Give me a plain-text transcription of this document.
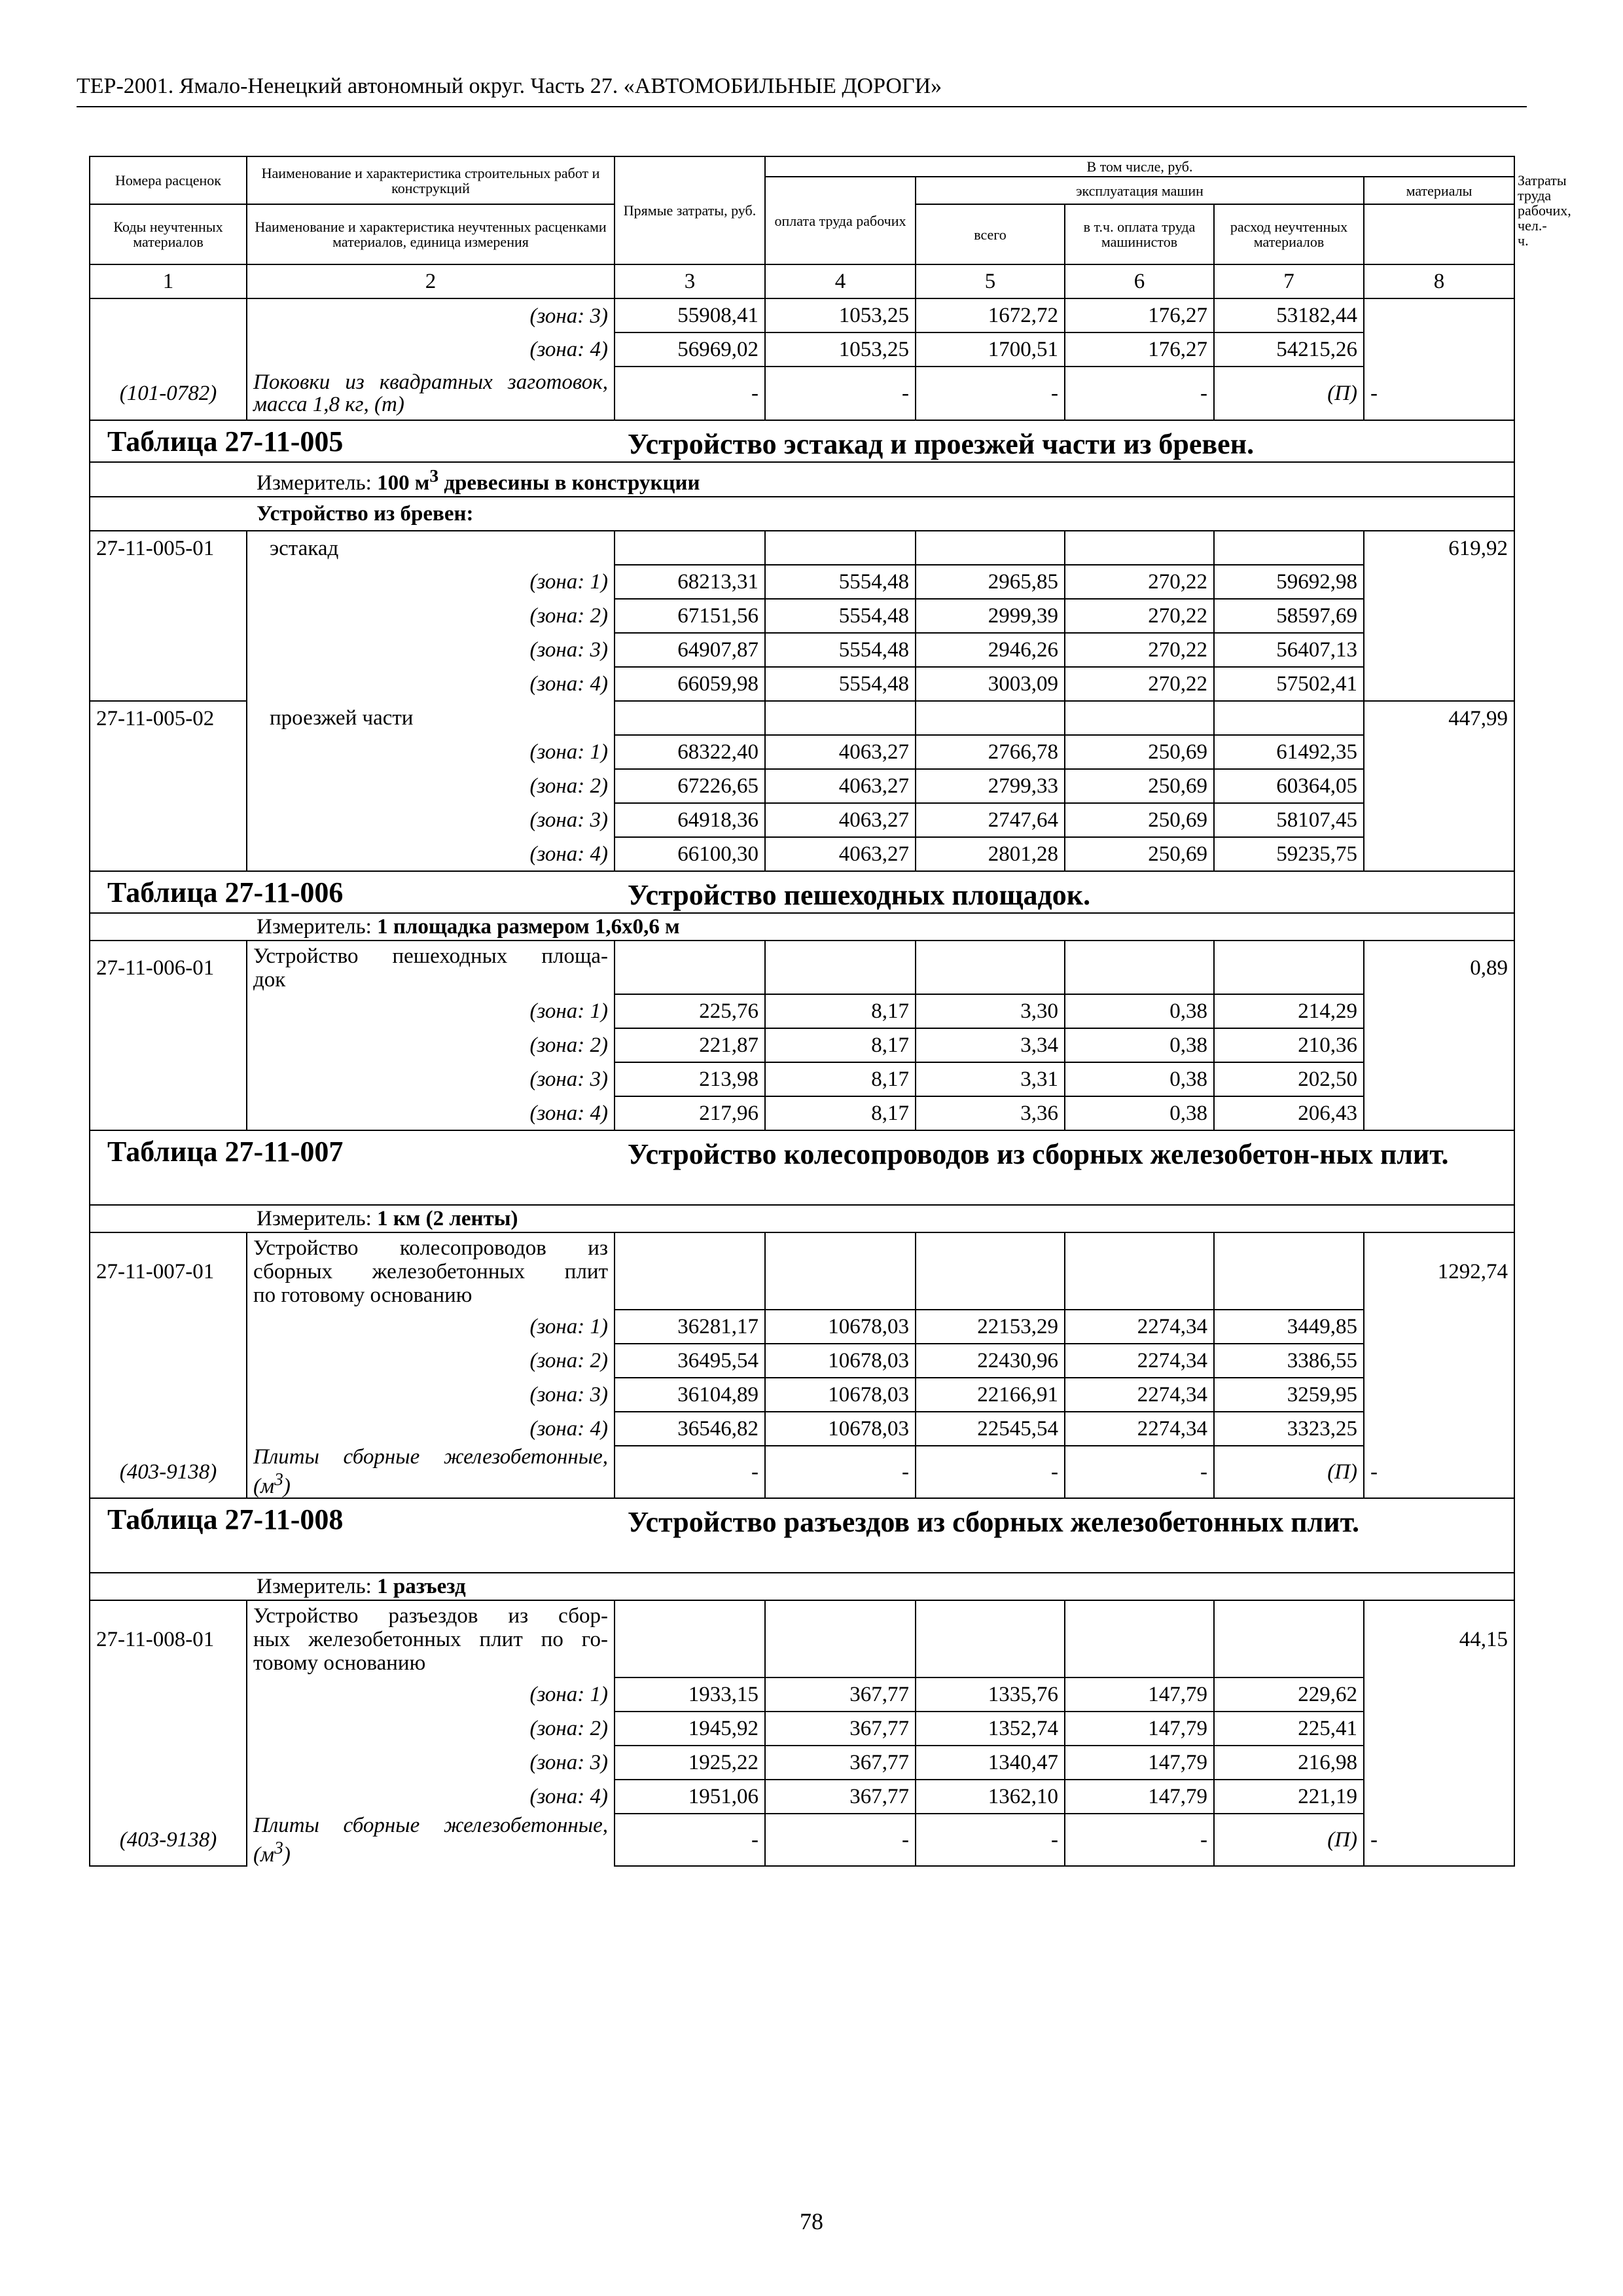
ТЕР-2001. Ямало-Ненецкий автономный округ. Часть 27. «АВТОМОБИЛЬНЫЕ ДОРОГИ»
Номера расценок	Наименование и характеристика строительных работ и конструкций	Прямые затраты, руб.	В том числе, руб.					Затраты труда рабочих, чел.-ч.
			оплата труда рабочих	эксплуатация машин			материалы	
Коды неучтенных материалов	Наименование и характеристика неучтенных расценками материалов, единица измерения			всего	в т.ч. оплата труда машинистов	расход неучтенных материалов		
1	2	3	4	5	6	7	8	
	(зона: 3)	55908,41	1053,25	1672,72	176,27	53182,44		
	(зона: 4)	56969,02	1053,25	1700,51	176,27	54215,26		
(101-0782)	Поковки из квадратных заготовок, масса 1,8 кг, (т)	-	-	-	-	(П)	-	

Таблица 27-11-005 Устройство эстакад и проезжей части из бревен.								

Измеритель: 100 $м^3$ древесины в конструкции								
Устройство из бревен:								
27-11-005-01	эстакад						619,92	
	(зона: 1)	68213,31	5554,48	2965,85	270,22	59692,98		
	(зона: 2)	67151,56	5554,48	2999,39	270,22	58597,69		
	(зона: 3)	64907,87	5554,48	2946,26	270,22	56407,13		
	(зона: 4)	66059,98	5554,48	3003,09	270,22	57502,41		
27-11-005-02	проезжей части						447,99	
	(зона: 1)	68322,40	4063,27	2766,78	250,69	61492,35		
	(зона: 2)	67226,65	4063,27	2799,33	250,69	60364,05		
	(зона: 3)	64918,36	4063,27	2747,64	250,69	58107,45		
	(зона: 4)	66100,30	4063,27	2801,28	250,69	59235,75		

Таблица 27-11-006 Устройство пешеходных площадок.								

Измеритель: 1 площадка размером 1,6х0,6 м								
27-11-006-01	Устройство пешеходных площа-
док						0,89	
	(зона: 1)	225,76	8,17	3,30	0,38	214,29		
	(зона: 2)	221,87	8,17	3,34	0,38	210,36		
	(зона: 3)	213,98	8,17	3,31	0,38	202,50		
	(зона: 4)	217,96	8,17	3,36	0,38	206,43		

Таблица 27-11-007 Устройство колесопроводов из сборных железобетон-ных плит.								

Измеритель: 1 км (2 ленты)								
27-11-007-01	Устройство колесопроводов из
сборных железобетонных плит
по готовому основанию						1292,74	
	(зона: 1)	36281,17	10678,03	22153,29	2274,34	3449,85		
	(зона: 2)	36495,54	10678,03	22430,96	2274,34	3386,55		
	(зона: 3)	36104,89	10678,03	22166,91	2274,34	3259,95		
	(зона: 4)	36546,82	10678,03	22545,54	2274,34	3323,25		
(403-9138)	Плиты сборные железобетонные,
$(м^3)$	-	-	-	-	(П)	-	

Таблица 27-11-008 Устройство разъездов из сборных железобетонных плит.								

Измеритель: 1 разъезд								
27-11-008-01	Устройство разъездов из сбор-
ных железобетонных плит по го-
товому основанию						44,15	
	(зона: 1)	1933,15	367,77	1335,76	147,79	229,62		
	(зона: 2)	1945,92	367,77	1352,74	147,79	225,41		
	(зона: 3)	1925,22	367,77	1340,47	147,79	216,98		
	(зона: 4)	1951,06	367,77	1362,10	147,79	221,19		
(403-9138)	Плиты сборные железобетонные,
$(м^3)$	-	-	-	-	(П)	-	
78
